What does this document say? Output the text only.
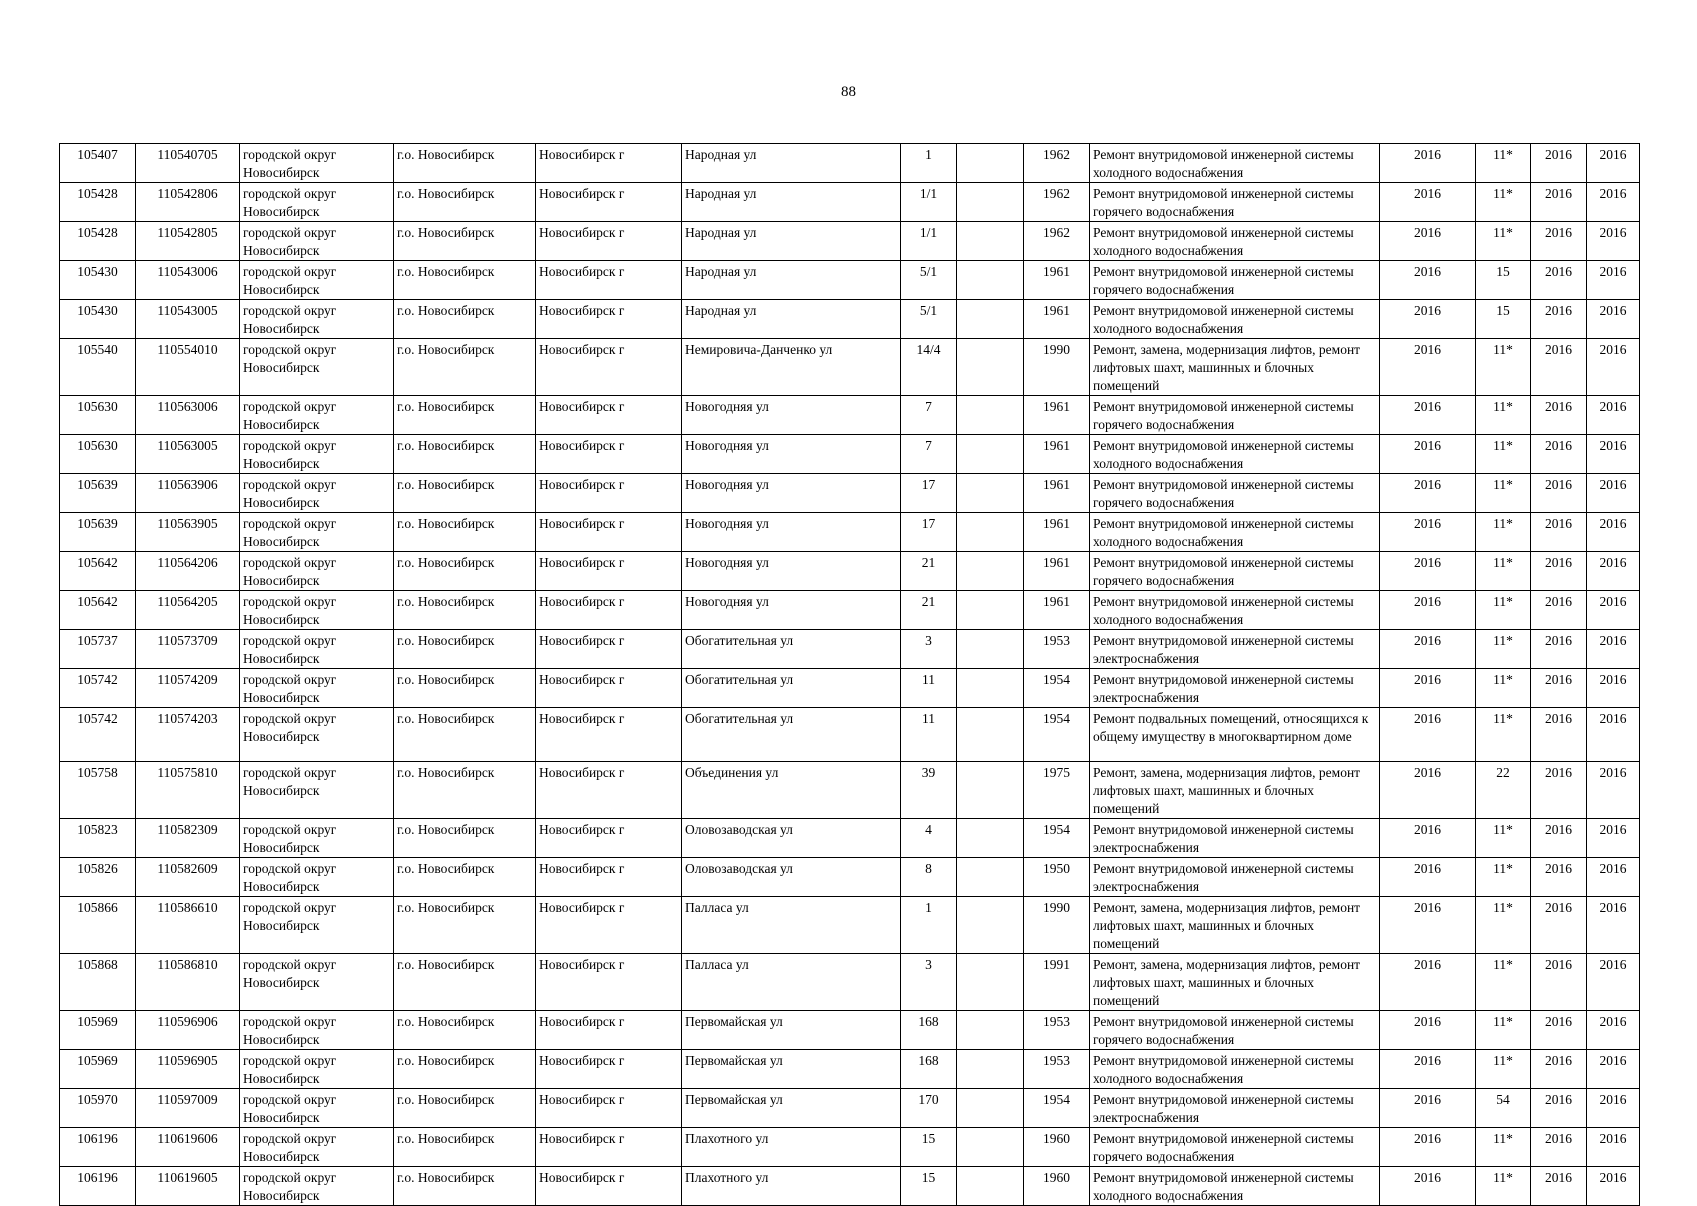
88
105407	110540705	городской округ Новосибирск	г.о. Новосибирск	Новосибирск г	Народная ул	1		1962	Ремонт внутридомовой инженерной системы холодного водоснабжения	2016	11*	2016	2016
105428	110542806	городской округ Новосибирск	г.о. Новосибирск	Новосибирск г	Народная ул	1/1		1962	Ремонт внутридомовой инженерной системы горячего водоснабжения	2016	11*	2016	2016
105428	110542805	городской округ Новосибирск	г.о. Новосибирск	Новосибирск г	Народная ул	1/1		1962	Ремонт внутридомовой инженерной системы холодного водоснабжения	2016	11*	2016	2016
105430	110543006	городской округ Новосибирск	г.о. Новосибирск	Новосибирск г	Народная ул	5/1		1961	Ремонт внутридомовой инженерной системы горячего водоснабжения	2016	15	2016	2016
105430	110543005	городской округ Новосибирск	г.о. Новосибирск	Новосибирск г	Народная ул	5/1		1961	Ремонт внутридомовой инженерной системы холодного водоснабжения	2016	15	2016	2016
105540	110554010	городской округ Новосибирск	г.о. Новосибирск	Новосибирск г	Немировича-Данченко ул	14/4		1990	Ремонт, замена, модернизация лифтов, ремонт лифтовых шахт, машинных и блочных помещений	2016	11*	2016	2016
105630	110563006	городской округ Новосибирск	г.о. Новосибирск	Новосибирск г	Новогодняя ул	7		1961	Ремонт внутридомовой инженерной системы горячего водоснабжения	2016	11*	2016	2016
105630	110563005	городской округ Новосибирск	г.о. Новосибирск	Новосибирск г	Новогодняя ул	7		1961	Ремонт внутридомовой инженерной системы холодного водоснабжения	2016	11*	2016	2016
105639	110563906	городской округ Новосибирск	г.о. Новосибирск	Новосибирск г	Новогодняя ул	17		1961	Ремонт внутридомовой инженерной системы горячего водоснабжения	2016	11*	2016	2016
105639	110563905	городской округ Новосибирск	г.о. Новосибирск	Новосибирск г	Новогодняя ул	17		1961	Ремонт внутридомовой инженерной системы холодного водоснабжения	2016	11*	2016	2016
105642	110564206	городской округ Новосибирск	г.о. Новосибирск	Новосибирск г	Новогодняя ул	21		1961	Ремонт внутридомовой инженерной системы горячего водоснабжения	2016	11*	2016	2016
105642	110564205	городской округ Новосибирск	г.о. Новосибирск	Новосибирск г	Новогодняя ул	21		1961	Ремонт внутридомовой инженерной системы холодного водоснабжения	2016	11*	2016	2016
105737	110573709	городской округ Новосибирск	г.о. Новосибирск	Новосибирск г	Обогатительная ул	3		1953	Ремонт внутридомовой инженерной системы электроснабжения	2016	11*	2016	2016
105742	110574209	городской округ Новосибирск	г.о. Новосибирск	Новосибирск г	Обогатительная ул	11		1954	Ремонт внутридомовой инженерной системы электроснабжения	2016	11*	2016	2016
105742	110574203	городской округ Новосибирск	г.о. Новосибирск	Новосибирск г	Обогатительная ул	11		1954	Ремонт подвальных помещений, относящихся к общему имуществу в многоквартирном доме	2016	11*	2016	2016
105758	110575810	городской округ Новосибирск	г.о. Новосибирск	Новосибирск г	Объединения ул	39		1975	Ремонт, замена, модернизация лифтов, ремонт лифтовых шахт, машинных и блочных помещений	2016	22	2016	2016
105823	110582309	городской округ Новосибирск	г.о. Новосибирск	Новосибирск г	Оловозаводская ул	4		1954	Ремонт внутридомовой инженерной системы электроснабжения	2016	11*	2016	2016
105826	110582609	городской округ Новосибирск	г.о. Новосибирск	Новосибирск г	Оловозаводская ул	8		1950	Ремонт внутридомовой инженерной системы электроснабжения	2016	11*	2016	2016
105866	110586610	городской округ Новосибирск	г.о. Новосибирск	Новосибирск г	Палласа ул	1		1990	Ремонт, замена, модернизация лифтов, ремонт лифтовых шахт, машинных и блочных помещений	2016	11*	2016	2016
105868	110586810	городской округ Новосибирск	г.о. Новосибирск	Новосибирск г	Палласа ул	3		1991	Ремонт, замена, модернизация лифтов, ремонт лифтовых шахт, машинных и блочных помещений	2016	11*	2016	2016
105969	110596906	городской округ Новосибирск	г.о. Новосибирск	Новосибирск г	Первомайская ул	168		1953	Ремонт внутридомовой инженерной системы горячего водоснабжения	2016	11*	2016	2016
105969	110596905	городской округ Новосибирск	г.о. Новосибирск	Новосибирск г	Первомайская ул	168		1953	Ремонт внутридомовой инженерной системы холодного водоснабжения	2016	11*	2016	2016
105970	110597009	городской округ Новосибирск	г.о. Новосибирск	Новосибирск г	Первомайская ул	170		1954	Ремонт внутридомовой инженерной системы электроснабжения	2016	54	2016	2016
106196	110619606	городской округ Новосибирск	г.о. Новосибирск	Новосибирск г	Плахотного ул	15		1960	Ремонт внутридомовой инженерной системы горячего водоснабжения	2016	11*	2016	2016
106196	110619605	городской округ Новосибирск	г.о. Новосибирск	Новосибирск г	Плахотного ул	15		1960	Ремонт внутридомовой инженерной системы холодного водоснабжения	2016	11*	2016	2016
